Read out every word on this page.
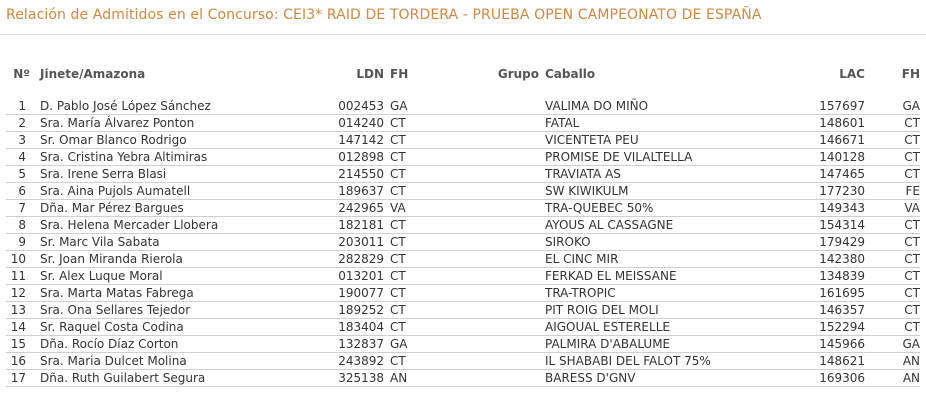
Relación de Admitidos en el Concurso: CEI3* RAID DE TORDERA - PRUEBA OPEN CAMPEONATO DE ESPAÑA
Nº	Jinete/Amazona	LDN	FH	Grupo	Caballo	LAC	FH

1	D. Pablo José López Sánchez	002453	GA		VALIMA DO MIÑO	157697	GA
2	Sra. María Álvarez Ponton	014240	CT		FATAL	148601	CT
3	Sr. Omar Blanco Rodrigo	147142	CT		VICENTETA PEU	146671	CT
4	Sra. Cristina Yebra Altimiras	012898	CT		PROMISE DE VILALTELLA	140128	CT
5	Sra. Irene Serra Blasi	214550	CT		TRAVIATA AS	147465	CT
6	Sra. Aina Pujols Aumatell	189637	CT		SW KIWIKULM	177230	FE
7	Dña. Mar Pérez Bargues	242965	VA		TRA-QUEBEC 50%	149343	VA
8	Sra. Helena Mercader Llobera	182181	CT		AYOUS AL CASSAGNE	154314	CT
9	Sr. Marc Vila Sabata	203011	CT		SIROKO	179429	CT
10	Sr. Joan Miranda Rierola	282829	CT		EL CINC MIR	142380	CT
11	Sr. Alex Luque Moral	013201	CT		FERKAD EL MEISSANE	134839	CT
12	Sra. Marta Matas Fabrega	190077	CT		TRA-TROPIC	161695	CT
13	Sra. Ona Sellares Tejedor	189252	CT		PIT ROIG DEL MOLI	146357	CT
14	Sr. Raquel Costa Codina	183404	CT		AIGOUAL ESTERELLE	152294	CT
15	Dña. Rocío Díaz Corton	132837	GA		PALMIRA D'ABALUME	145966	GA
16	Sra. Maria Dulcet Molina	243892	CT		IL SHABABI DEL FALOT 75%	148621	AN
17	Dña. Ruth Guilabert Segura	325138	AN		BARESS D'GNV	169306	AN
